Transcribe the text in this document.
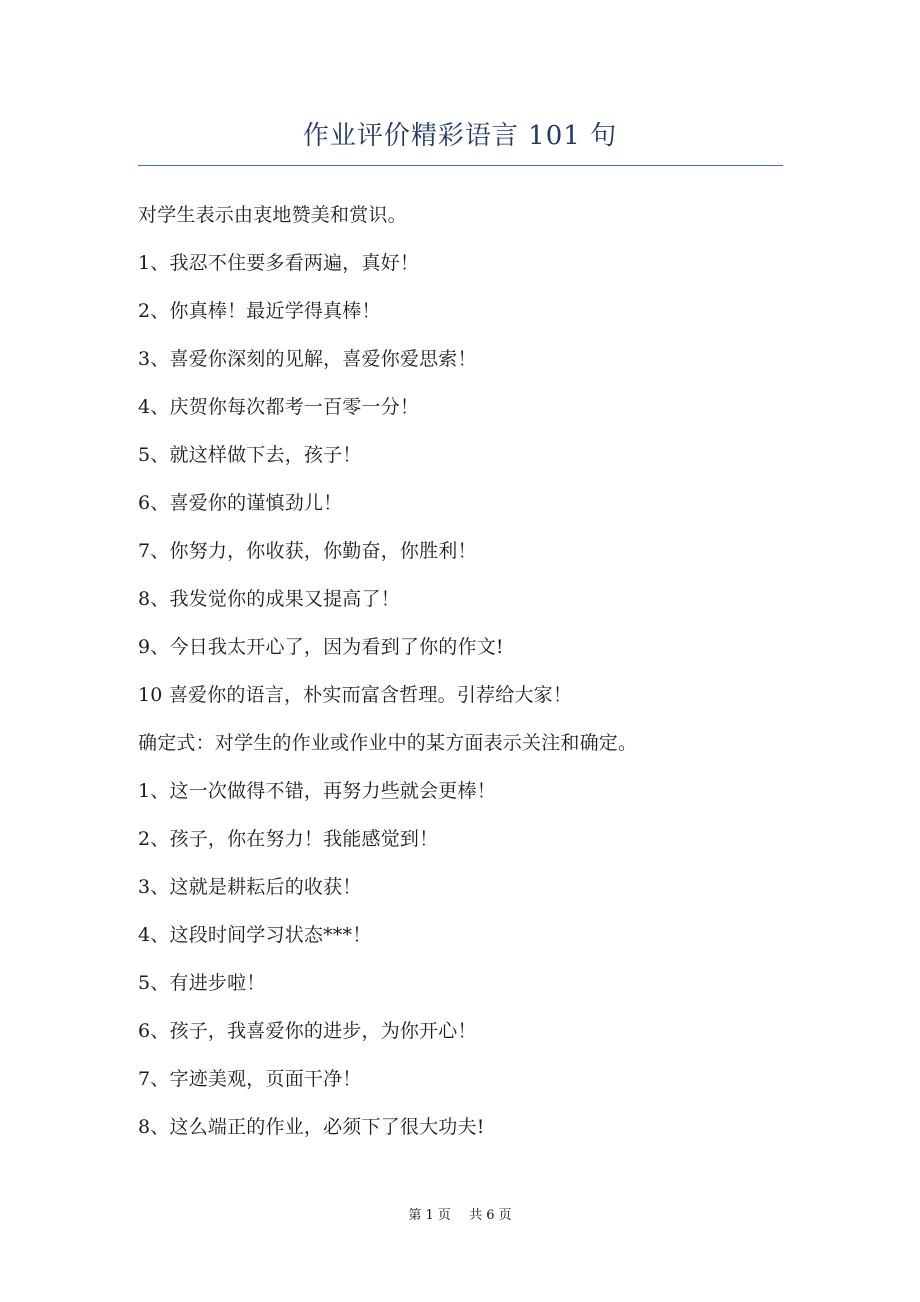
作业评价精彩语言 101 句
对学生表示由衷地赞美和赏识。
1、我忍不住要多看两遍，真好！
2、你真棒！最近学得真棒！
3、喜爱你深刻的见解，喜爱你爱思索！
4、庆贺你每次都考一百零一分！
5、就这样做下去，孩子！
6、喜爱你的谨慎劲儿！
7、你努力，你收获，你勤奋，你胜利！
8、我发觉你的成果又提高了！
9、今日我太开心了，因为看到了你的作文!
10 喜爱你的语言，朴实而富含哲理。引荐给大家！
确定式：对学生的作业或作业中的某方面表示关注和确定。
1、这一次做得不错，再努力些就会更棒！
2、孩子，你在努力！我能感觉到！
3、这就是耕耘后的收获！
4、这段时间学习状态***！
5、有进步啦！
6、孩子，我喜爱你的进步，为你开心！
7、字迹美观，页面干净！
8、这么端正的作业，必须下了很大功夫!
第 1 页 共 6 页
